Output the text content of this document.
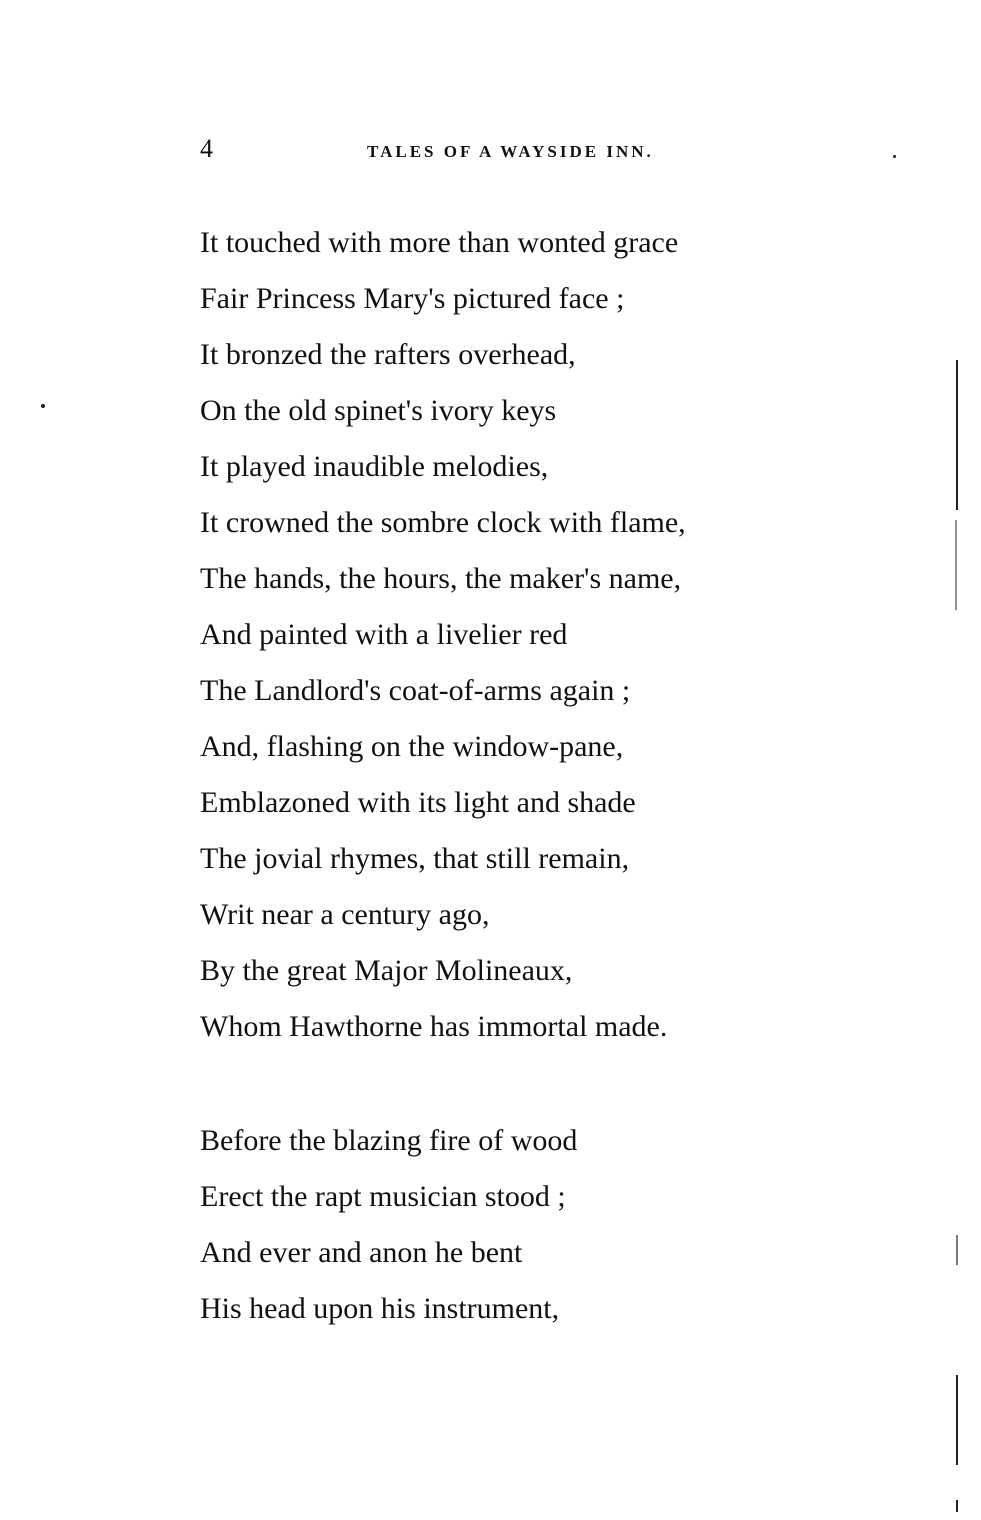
4	TALES OF A WAYSIDE INN.
It touched with more than wonted grace
Fair Princess Mary's pictured face ;
It bronzed the rafters overhead,
On the old spinet's ivory keys
It played inaudible melodies,
It crowned the sombre clock with flame,
The hands, the hours, the maker's name,
And painted with a livelier red
The Landlord's coat-of-arms again ;
And, flashing on the window-pane,
Emblazoned with its light and shade
The jovial rhymes, that still remain,
Writ near a century ago,
By the great Major Molineaux,
Whom Hawthorne has immortal made.
Before the blazing fire of wood
Erect the rapt musician stood ;
And ever and anon he bent
His head upon his instrument,
